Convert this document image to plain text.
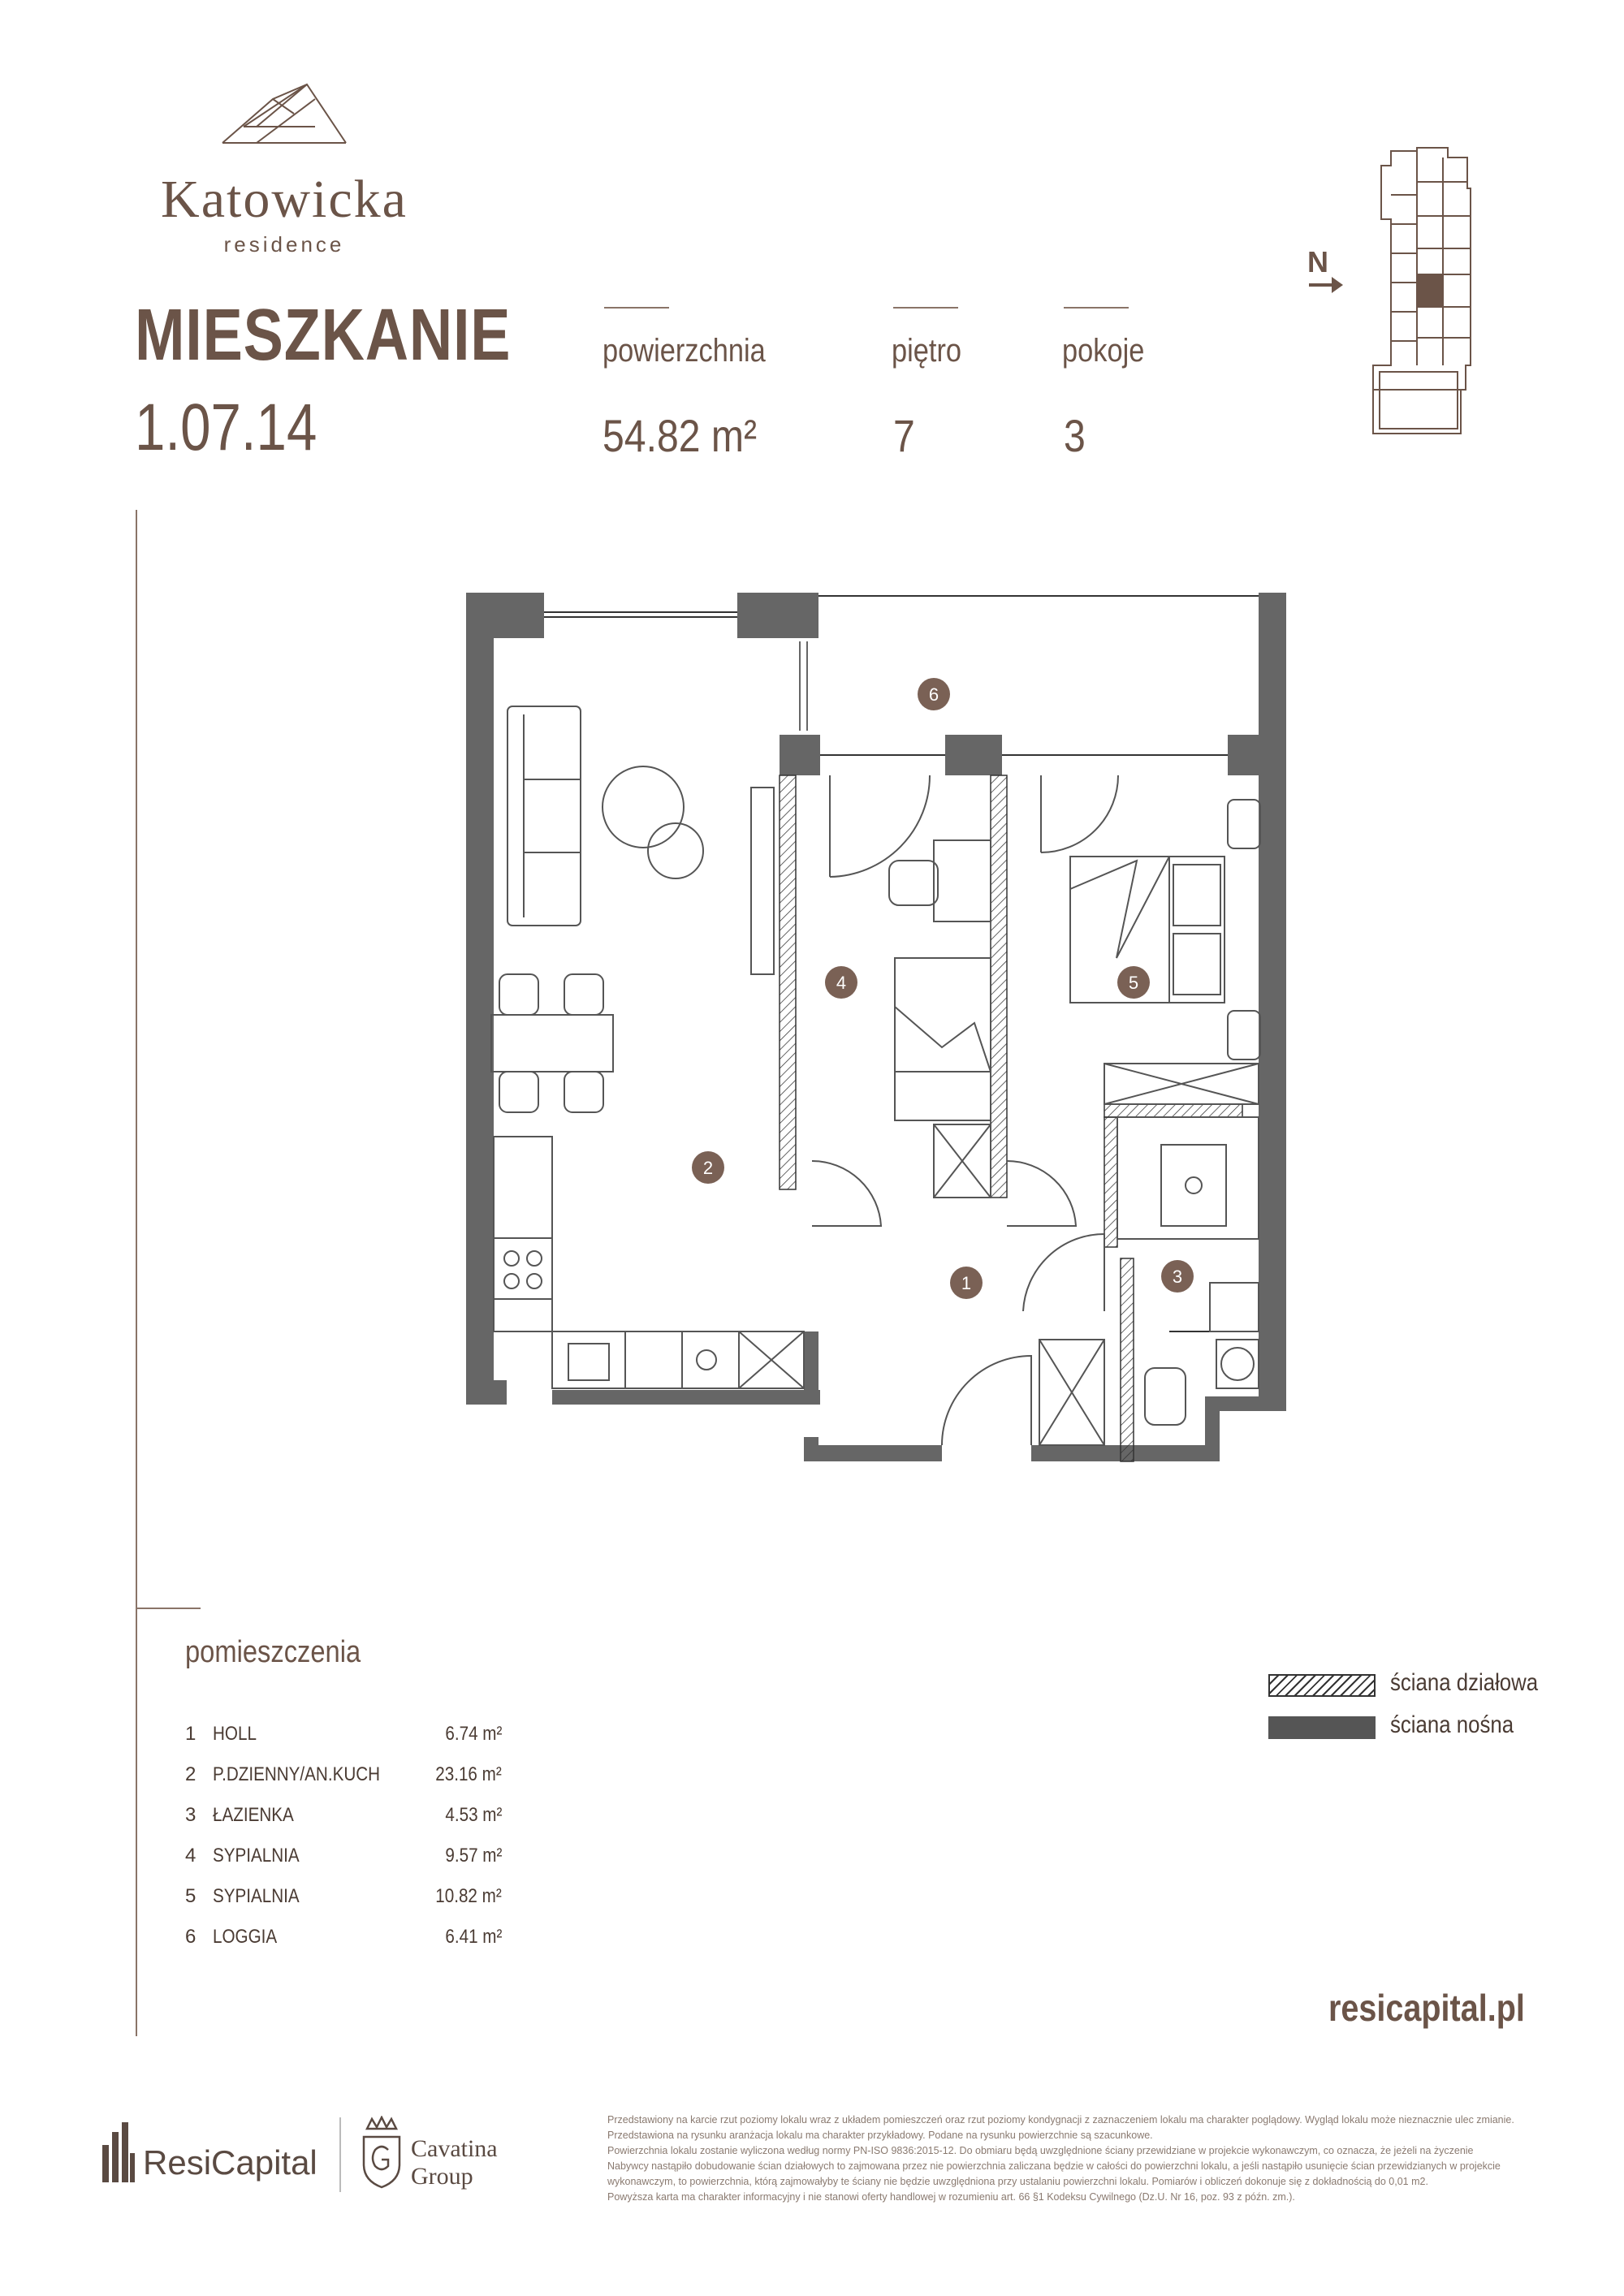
Katowicka
residence
MIESZKANIE
1.07.14
powierzchnia
54.82 m²
piętro
7
pokoje
3
N
6
2
4	5
1	3
pomieszczenia
1 HOLL	6.74 m²
2 P.DZIENNY/AN.KUCH	23.16 m²
3 ŁAZIENKA	4.53 m²
4 SYPIALNIA	9.57 m²
5 SYPIALNIA	10.82 m²
6 LOGGIA	6.41 m²
ściana działowa
ściana nośna
resicapital.pl
ResiCapital	Cavatina
Group
Przedstawiony na karcie rzut poziomy lokalu wraz z układem pomieszczeń oraz rzut poziomy kondygnacji z zaznaczeniem lokalu ma charakter poglądowy. Wygląd lokalu może nieznacznie ulec zmianie.
Przedstawiona na rysunku aranżacja lokalu ma charakter przykładowy. Podane na rysunku powierzchnie są szacunkowe.
Powierzchnia lokalu zostanie wyliczona według normy PN-ISO 9836:2015-12. Do obmiaru będą uwzględnione ściany przewidziane w projekcie wykonawczym, co oznacza, że jeżeli na życzenie
Nabywcy nastąpiło dobudowanie ścian działowych to zajmowana przez nie powierzchnia zaliczana będzie w całości do powierzchni lokalu, a jeśli nastąpiło usunięcie ścian przewidzianych w projekcie
wykonawczym, to powierzchnia, którą zajmowałyby te ściany nie będzie uwzględniona przy ustalaniu powierzchni lokalu. Pomiarów i obliczeń dokonuje się z dokładnością do 0,01 m2.
Powyższa karta ma charakter informacyjny i nie stanowi oferty handlowej w rozumieniu art. 66 §1 Kodeksu Cywilnego (Dz.U. Nr 16, poz. 93 z późn. zm.).
